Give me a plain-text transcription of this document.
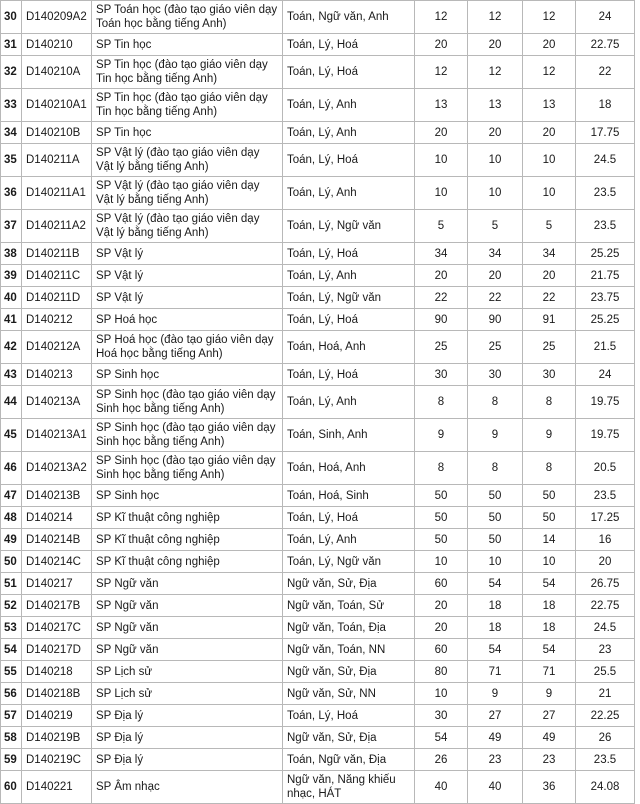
30	D140209A2	SP Toán học (đào tạo giáo viên dạy Toán học bằng tiếng Anh)	Toán, Ngữ văn, Anh	12	12	12	24
31	D140210	SP Tin học	Toán, Lý, Hoá	20	20	20	22.75
32	D140210A	SP Tin học (đào tạo giáo viên dạy Tin học bằng tiếng Anh)	Toán, Lý, Hoá	12	12	12	22
33	D140210A1	SP Tin học (đào tạo giáo viên dạy Tin học bằng tiếng Anh)	Toán, Lý, Anh	13	13	13	18
34	D140210B	SP Tin học	Toán, Lý, Anh	20	20	20	17.75
35	D140211A	SP Vật lý (đào tạo giáo viên dạy Vật lý bằng tiếng Anh)	Toán, Lý, Hoá	10	10	10	24.5
36	D140211A1	SP Vật lý (đào tạo giáo viên dạy Vật lý bằng tiếng Anh)	Toán, Lý, Anh	10	10	10	23.5
37	D140211A2	SP Vật lý (đào tạo giáo viên dạy Vật lý bằng tiếng Anh)	Toán, Lý, Ngữ văn	5	5	5	23.5
38	D140211B	SP Vật lý	Toán, Lý, Hoá	34	34	34	25.25
39	D140211C	SP Vật lý	Toán, Lý, Anh	20	20	20	21.75
40	D140211D	SP Vật lý	Toán, Lý, Ngữ văn	22	22	22	23.75
41	D140212	SP Hoá học	Toán, Lý, Hoá	90	90	91	25.25
42	D140212A	SP Hoá học (đào tạo giáo viên dạy Hoá học bằng tiếng Anh)	Toán, Hoá, Anh	25	25	25	21.5
43	D140213	SP Sinh học	Toán, Lý, Hoá	30	30	30	24
44	D140213A	SP Sinh học (đào tạo giáo viên dạy Sinh học bằng tiếng Anh)	Toán, Lý, Anh	8	8	8	19.75
45	D140213A1	SP Sinh học (đào tạo giáo viên dạy Sinh học bằng tiếng Anh)	Toán, Sinh, Anh	9	9	9	19.75
46	D140213A2	SP Sinh học (đào tạo giáo viên dạy Sinh học bằng tiếng Anh)	Toán, Hoá, Anh	8	8	8	20.5
47	D140213B	SP Sinh học	Toán, Hoá, Sinh	50	50	50	23.5
48	D140214	SP Kĩ thuật công nghiệp	Toán, Lý, Hoá	50	50	50	17.25
49	D140214B	SP Kĩ thuật công nghiệp	Toán, Lý, Anh	50	50	14	16
50	D140214C	SP Kĩ thuật công nghiệp	Toán, Lý, Ngữ văn	10	10	10	20
51	D140217	SP Ngữ văn	Ngữ văn, Sử, Địa	60	54	54	26.75
52	D140217B	SP Ngữ văn	Ngữ văn, Toán, Sử	20	18	18	22.75
53	D140217C	SP Ngữ văn	Ngữ văn, Toán, Địa	20	18	18	24.5
54	D140217D	SP Ngữ văn	Ngữ văn, Toán, NN	60	54	54	23
55	D140218	SP Lịch sử	Ngữ văn, Sử, Địa	80	71	71	25.5
56	D140218B	SP Lịch sử	Ngữ văn, Sử, NN	10	9	9	21
57	D140219	SP Địa lý	Toán, Lý, Hoá	30	27	27	22.25
58	D140219B	SP Địa lý	Ngữ văn, Sử, Địa	54	49	49	26
59	D140219C	SP Địa lý	Toán, Ngữ văn, Địa	26	23	23	23.5
60	D140221	SP Âm nhạc	Ngữ văn, Năng khiếu nhạc, HÁT	40	40	36	24.08
